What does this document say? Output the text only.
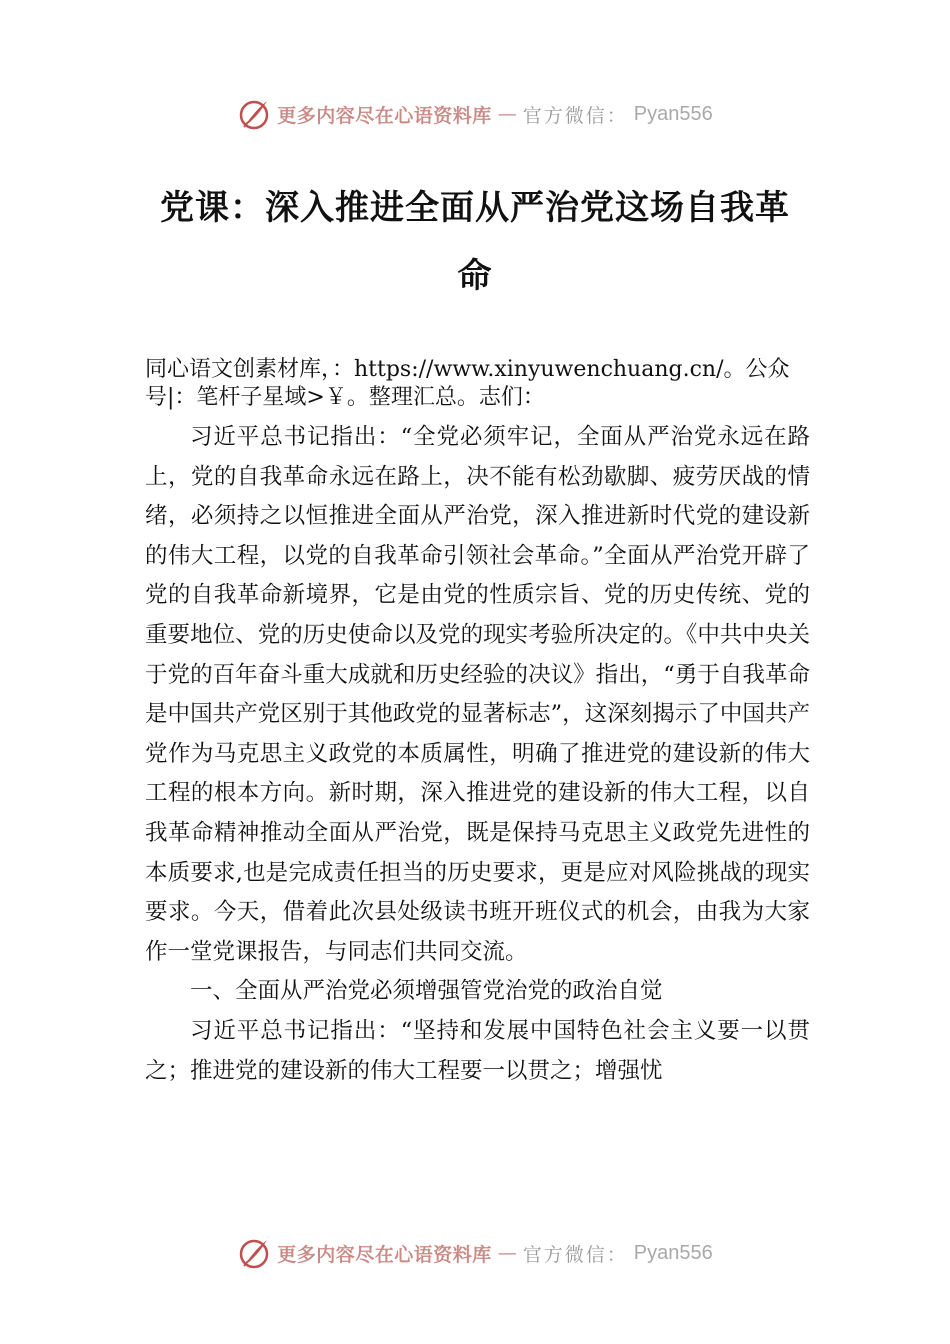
更多内容尽在心语资料库 — 官方微信： Pyan556
党课：深入推进全面从严治党这场自我革
命

同心语文创素材库，：https://www.xinyuwenchuang.cn/。公众号|：笔杆子星域>￥。整理汇总。志们：

习近平总书记指出：“全党必须牢记，全面从严治党永远在路上，党的自我革命永远在路上，决不能有松劲歇脚、疲劳厌战的情绪，必须持之以恒推进全面从严治党，深入推进新时代党的建设新的伟大工程，以党的自我革命引领社会革命。”全面从严治党开辟了党的自我革命新境界，它是由党的性质宗旨、党的历史传统、党的重要地位、党的历史使命以及党的现实考验所决定的。《中共中央关于党的百年奋斗重大成就和历史经验的决议》指出，“勇于自我革命是中国共产党区别于其他政党的显著标志”，这深刻揭示了中国共产党作为马克思主义政党的本质属性，明确了推进党的建设新的伟大工程的根本方向。新时期，深入推进党的建设新的伟大工程，以自我革命精神推动全面从严治党，既是保持马克思主义政党先进性的本质要求,也是完成责任担当的历史要求，更是应对风险挑战的现实要求。今天，借着此次县处级读书班开班仪式的机会，由我为大家作一堂党课报告，与同志们共同交流。

一、全面从严治党必须增强管党治党的政治自觉

习近平总书记指出：“坚持和发展中国特色社会主义要一以贯之；推进党的建设新的伟大工程要一以贯之；增强忧

更多内容尽在心语资料库 — 官方微信： Pyan556
